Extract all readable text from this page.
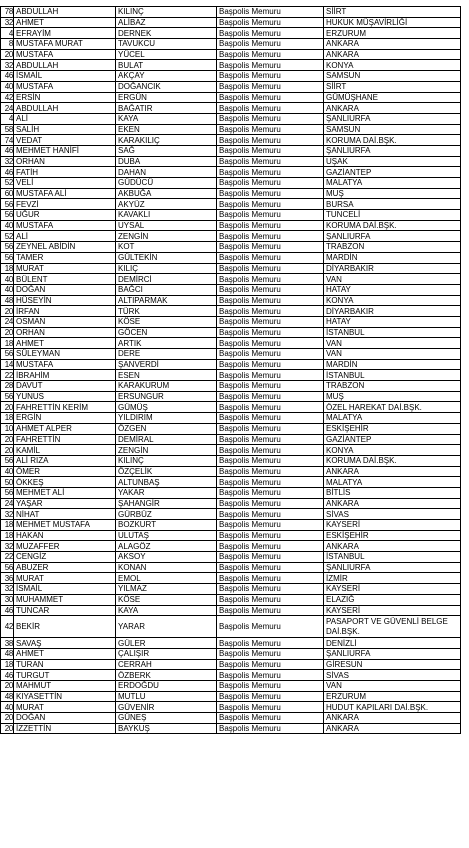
78	ABDULLAH	KILINÇ	Başpolis Memuru	SİİRT
32	AHMET	ALİBAZ	Başpolis Memuru	HUKUK MÜŞAVİRLİĞİ
4	EFRAYİM	DERNEK	Başpolis Memuru	ERZURUM
8	MUSTAFA MURAT	TAVUKCU	Başpolis Memuru	ANKARA
20	MUSTAFA	YÜCEL	Başpolis Memuru	ANKARA
32	ABDULLAH	BULAT	Başpolis Memuru	KONYA
46	İSMAİL	AKÇAY	Başpolis Memuru	SAMSUN
40	MUSTAFA	DOĞANCIK	Başpolis Memuru	SİİRT
42	ERSİN	ERGÜN	Başpolis Memuru	GÜMÜŞHANE
24	ABDULLAH	BAĞATIR	Başpolis Memuru	ANKARA
4	ALİ	KAYA	Başpolis Memuru	ŞANLIURFA
58	SALİH	EKEN	Başpolis Memuru	SAMSUN
74	VEDAT	KARAKILIÇ	Başpolis Memuru	KORUMA DAİ.BŞK.
46	MEHMET HANİFİ	SAĞ	Başpolis Memuru	ŞANLIURFA
32	ORHAN	DUBA	Başpolis Memuru	UŞAK
46	FATİH	DAHAN	Başpolis Memuru	GAZİANTEP
52	VELİ	GÜDÜCÜ	Başpolis Memuru	MALATYA
60	MUSTAFA ALİ	AKBUĞA	Başpolis Memuru	MUŞ
56	FEVZİ	AKYÜZ	Başpolis Memuru	BURSA
56	UĞUR	KAVAKLI	Başpolis Memuru	TUNCELİ
40	MUSTAFA	UYSAL	Başpolis Memuru	KORUMA DAİ.BŞK.
52	ALİ	ZENGİN	Başpolis Memuru	ŞANLIURFA
56	ZEYNEL ABİDİN	KOT	Başpolis Memuru	TRABZON
56	TAMER	GÜLTEKİN	Başpolis Memuru	MARDİN
18	MURAT	KILIÇ	Başpolis Memuru	DİYARBAKIR
40	BÜLENT	DEMİRCİ	Başpolis Memuru	VAN
40	DOĞAN	BAĞCI	Başpolis Memuru	HATAY
48	HÜSEYİN	ALTIPARMAK	Başpolis Memuru	KONYA
20	İRFAN	TÜRK	Başpolis Memuru	DİYARBAKIR
24	OSMAN	KÖSE	Başpolis Memuru	HATAY
20	ORHAN	GÖCEN	Başpolis Memuru	İSTANBUL
18	AHMET	ARTIK	Başpolis Memuru	VAN
56	SÜLEYMAN	DERE	Başpolis Memuru	VAN
14	MUSTAFA	ŞANVERDİ	Başpolis Memuru	MARDİN
22	İBRAHİM	ESEN	Başpolis Memuru	İSTANBUL
28	DAVUT	KARAKURUM	Başpolis Memuru	TRABZON
56	YUNUS	ERSUNGUR	Başpolis Memuru	MUŞ
20	FAHRETTİN KERİM	GÜMÜŞ	Başpolis Memuru	ÖZEL HAREKAT DAİ.BŞK.
18	ERGİN	YILDIRIM	Başpolis Memuru	MALATYA
10	AHMET ALPER	ÖZGEN	Başpolis Memuru	ESKİŞEHİR
20	FAHRETTİN	DEMİRAL	Başpolis Memuru	GAZİANTEP
20	KAMİL	ZENGİN	Başpolis Memuru	KONYA
56	ALİ RIZA	KILINÇ	Başpolis Memuru	KORUMA DAİ.BŞK.
40	ÖMER	ÖZÇELİK	Başpolis Memuru	ANKARA
50	ÖKKEŞ	ALTUNBAŞ	Başpolis Memuru	MALATYA
56	MEHMET ALİ	YAKAR	Başpolis Memuru	BİTLİS
24	YAŞAR	ŞAHANGİR	Başpolis Memuru	ANKARA
32	NİHAT	GÜRBÜZ	Başpolis Memuru	SİVAS
18	MEHMET MUSTAFA	BOZKURT	Başpolis Memuru	KAYSERİ
18	HAKAN	ULUTAŞ	Başpolis Memuru	ESKİŞEHİR
32	MUZAFFER	ALAGÖZ	Başpolis Memuru	ANKARA
22	CENGİZ	AKSOY	Başpolis Memuru	İSTANBUL
56	ABUZER	KONAN	Başpolis Memuru	ŞANLIURFA
36	MURAT	EMOL	Başpolis Memuru	İZMİR
32	İSMAİL	YILMAZ	Başpolis Memuru	KAYSERİ
30	MUHAMMET	KÖSE	Başpolis Memuru	ELAZIĞ
46	TUNCAR	KAYA	Başpolis Memuru	KAYSERİ
42	BEKİR	YARAR	Başpolis Memuru	PASAPORT VE GÜVENLİ BELGE DAİ.BŞK.
38	SAVAŞ	GÜLER	Başpolis Memuru	DENİZLİ
48	AHMET	ÇALIŞIR	Başpolis Memuru	ŞANLIURFA
18	TURAN	CERRAH	Başpolis Memuru	GİRESUN
46	TURGUT	ÖZBERK	Başpolis Memuru	SİVAS
20	MAHMUT	ERDOĞDU	Başpolis Memuru	VAN
48	KIYASETTİN	MUTLU	Başpolis Memuru	ERZURUM
40	MURAT	GÜVENİR	Başpolis Memuru	HUDUT KAPILARI DAİ.BŞK.
20	DOĞAN	GÜNEŞ	Başpolis Memuru	ANKARA
20	İZZETTİN	BAYKUŞ	Başpolis Memuru	ANKARA
